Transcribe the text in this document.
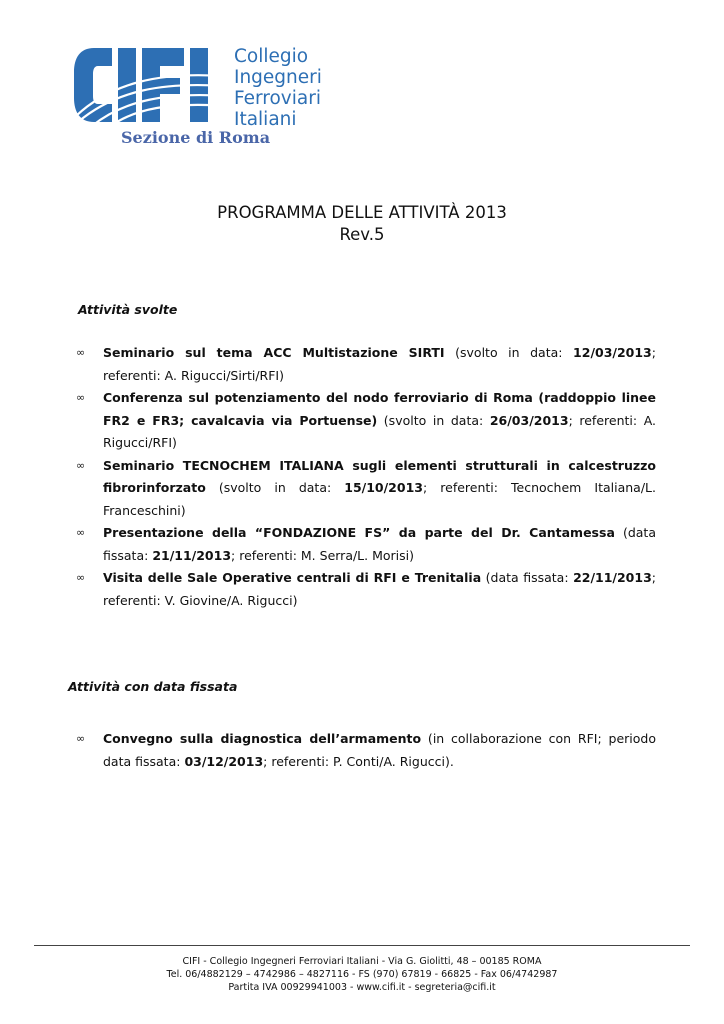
Collegio
Ingegneri
Ferroviari
Italiani
Sezione di Roma
PROGRAMMA DELLE ATTIVITÀ 2013
Rev.5
Attività svolte
∞ Seminario sul tema ACC Multistazione SIRTI (svolto in data: 12/03/2013; referenti: A. Rigucci/Sirti/RFI)
∞ Conferenza sul potenziamento del nodo ferroviario di Roma (raddoppio linee FR2 e FR3; cavalcavia via Portuense) (svolto in data: 26/03/2013; referenti: A. Rigucci/RFI)
∞ Seminario TECNOCHEM ITALIANA sugli elementi strutturali in calcestruzzo fibrorinforzato (svolto in data: 15/10/2013; referenti: Tecnochem Italiana/L. Franceschini)
∞ Presentazione della “FONDAZIONE FS” da parte del Dr. Cantamessa (data fissata: 21/11/2013; referenti: M. Serra/L. Morisi)
∞ Visita delle Sale Operative centrali di RFI e Trenitalia (data fissata: 22/11/2013; referenti: V. Giovine/A. Rigucci)
Attività con data fissata
∞ Convegno sulla diagnostica dell’armamento (in collaborazione con RFI; periodo data fissata: 03/12/2013; referenti: P. Conti/A. Rigucci).
CIFI - Collegio Ingegneri Ferroviari Italiani - Via G. Giolitti, 48 – 00185 ROMA
Tel. 06/4882129 – 4742986 – 4827116 - FS (970) 67819 - 66825 - Fax 06/4742987
Partita IVA 00929941003 - www.cifi.it - segreteria@cifi.it
